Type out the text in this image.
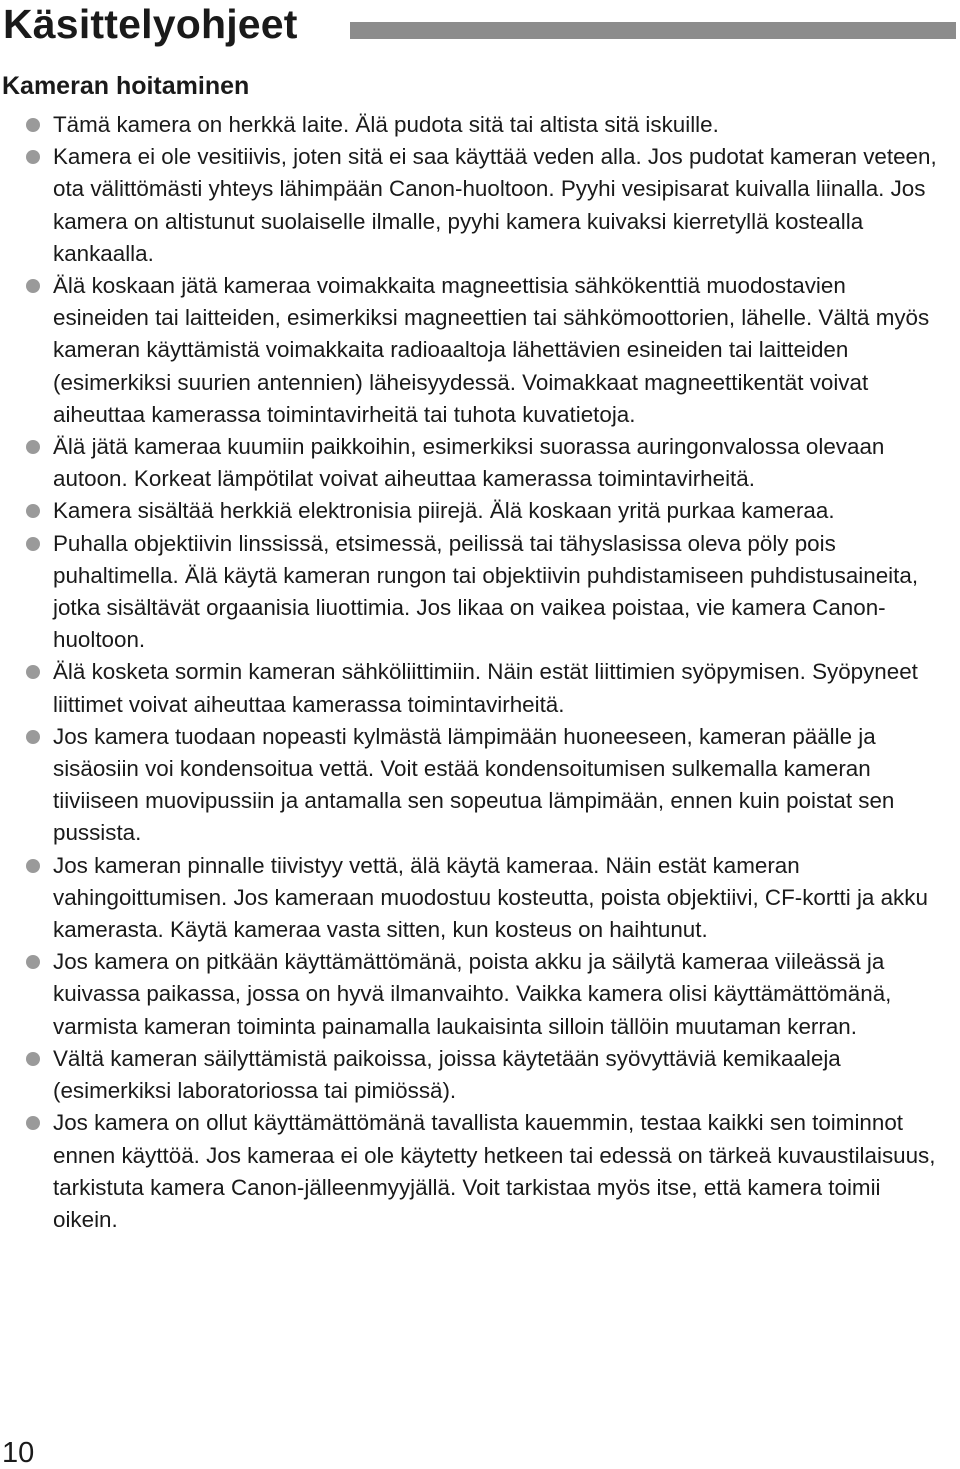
Käsittelyohjeet
Kameran hoitaminen
Tämä kamera on herkkä laite. Älä pudota sitä tai altista sitä iskuille.
Kamera ei ole vesitiivis, joten sitä ei saa käyttää veden alla. Jos pudotat kameran veteen, ota välittömästi yhteys lähimpään Canon-huoltoon. Pyyhi vesipisarat kuivalla liinalla. Jos kamera on altistunut suolaiselle ilmalle, pyyhi kamera kuivaksi kierretyllä kostealla kankaalla.
Älä koskaan jätä kameraa voimakkaita magneettisia sähkökenttiä muodostavien esineiden tai laitteiden, esimerkiksi magneettien tai sähkömoottorien, lähelle. Vältä myös kameran käyttämistä voimakkaita radioaaltoja lähettävien esineiden tai laitteiden (esimerkiksi suurien antennien) läheisyydessä. Voimakkaat magneettikentät voivat aiheuttaa kamerassa toimintavirheitä tai tuhota kuvatietoja.
Älä jätä kameraa kuumiin paikkoihin, esimerkiksi suorassa auringonvalossa olevaan autoon. Korkeat lämpötilat voivat aiheuttaa kamerassa toimintavirheitä.
Kamera sisältää herkkiä elektronisia piirejä. Älä koskaan yritä purkaa kameraa.
Puhalla objektiivin linssissä, etsimessä, peilissä tai tähyslasissa oleva pöly pois puhaltimella. Älä käytä kameran rungon tai objektiivin puhdistamiseen puhdistusaineita, jotka sisältävät orgaanisia liuottimia. Jos likaa on vaikea poistaa, vie kamera Canon-huoltoon.
Älä kosketa sormin kameran sähköliittimiin. Näin estät liittimien syöpymisen. Syöpyneet liittimet voivat aiheuttaa kamerassa toimintavirheitä.
Jos kamera tuodaan nopeasti kylmästä lämpimään huoneeseen, kameran päälle ja sisäosiin voi kondensoitua vettä. Voit estää kondensoitumisen sulkemalla kameran tiiviiseen muovipussiin ja antamalla sen sopeutua lämpimään, ennen kuin poistat sen pussista.
Jos kameran pinnalle tiivistyy vettä, älä käytä kameraa. Näin estät kameran vahingoittumisen. Jos kameraan muodostuu kosteutta, poista objektiivi, CF-kortti ja akku kamerasta. Käytä kameraa vasta sitten, kun kosteus on haihtunut.
Jos kamera on pitkään käyttämättömänä, poista akku ja säilytä kameraa viileässä ja kuivassa paikassa, jossa on hyvä ilmanvaihto. Vaikka kamera olisi käyttämättömänä, varmista kameran toiminta painamalla laukaisinta silloin tällöin muutaman kerran.
Vältä kameran säilyttämistä paikoissa, joissa käytetään syövyttäviä kemikaaleja (esimerkiksi laboratoriossa tai pimiössä).
Jos kamera on ollut käyttämättömänä tavallista kauemmin, testaa kaikki sen toiminnot ennen käyttöä. Jos kameraa ei ole käytetty hetkeen tai edessä on tärkeä kuvaustilaisuus, tarkistuta kamera Canon-jälleenmyyjällä. Voit tarkistaa myös itse, että kamera toimii oikein.
10
